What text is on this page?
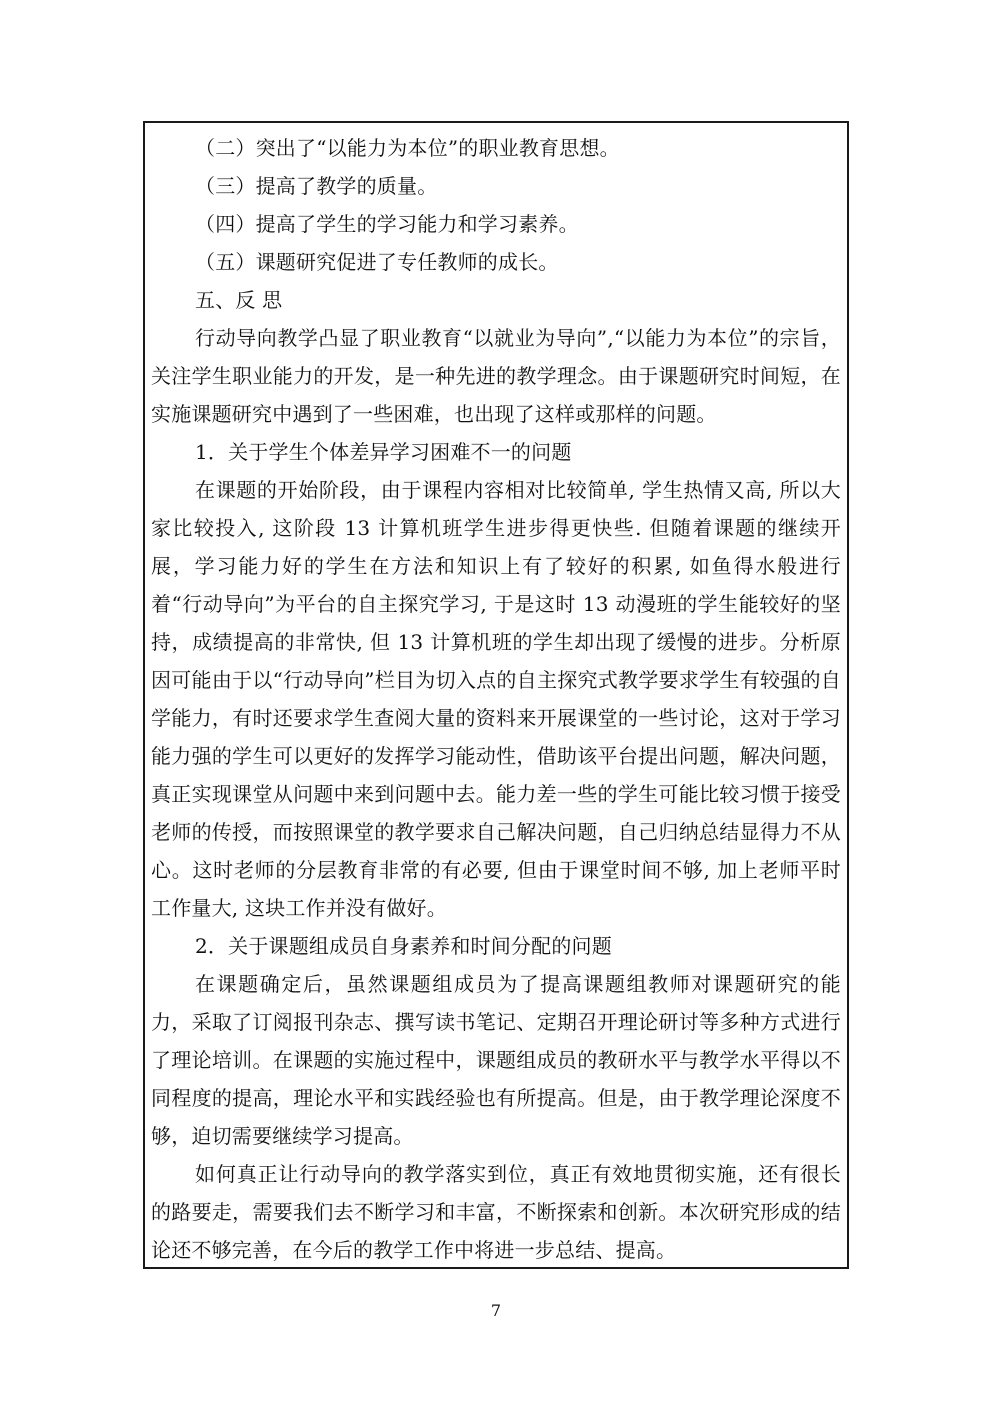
（二）突出了“以能力为本位”的职业教育思想。

（三）提高了教学的质量。

（四）提高了学生的学习能力和学习素养。

（五）课题研究促进了专任教师的成长。

五、反 思

行动导向教学凸显了职业教育“以就业为导向”,“以能力为本位”的宗旨，关注学生职业能力的开发，是一种先进的教学理念。由于课题研究时间短，在实施课题研究中遇到了一些困难，也出现了这样或那样的问题。

1．关于学生个体差异学习困难不一的问题

在课题的开始阶段，由于课程内容相对比较简单, 学生热情又高, 所以大家比较投入, 这阶段 13 计算机班学生进步得更快些. 但随着课题的继续开展，学习能力好的学生在方法和知识上有了较好的积累, 如鱼得水般进行着“行动导向”为平台的自主探究学习, 于是这时 13 动漫班的学生能较好的坚持，成绩提高的非常快, 但 13 计算机班的学生却出现了缓慢的进步。分析原因可能由于以“行动导向”栏目为切入点的自主探究式教学要求学生有较强的自学能力，有时还要求学生查阅大量的资料来开展课堂的一些讨论，这对于学习能力强的学生可以更好的发挥学习能动性，借助该平台提出问题，解决问题，真正实现课堂从问题中来到问题中去。能力差一些的学生可能比较习惯于接受老师的传授，而按照课堂的教学要求自己解决问题，自己归纳总结显得力不从心。这时老师的分层教育非常的有必要, 但由于课堂时间不够, 加上老师平时工作量大, 这块工作并没有做好。

2．关于课题组成员自身素养和时间分配的问题

在课题确定后，虽然课题组成员为了提高课题组教师对课题研究的能力，采取了订阅报刊杂志、撰写读书笔记、定期召开理论研讨等多种方式进行了理论培训。在课题的实施过程中，课题组成员的教研水平与教学水平得以不同程度的提高，理论水平和实践经验也有所提高。但是，由于教学理论深度不够，迫切需要继续学习提高。

如何真正让行动导向的教学落实到位，真正有效地贯彻实施，还有很长的路要走，需要我们去不断学习和丰富，不断探索和创新。本次研究形成的结论还不够完善，在今后的教学工作中将进一步总结、提高。

7
